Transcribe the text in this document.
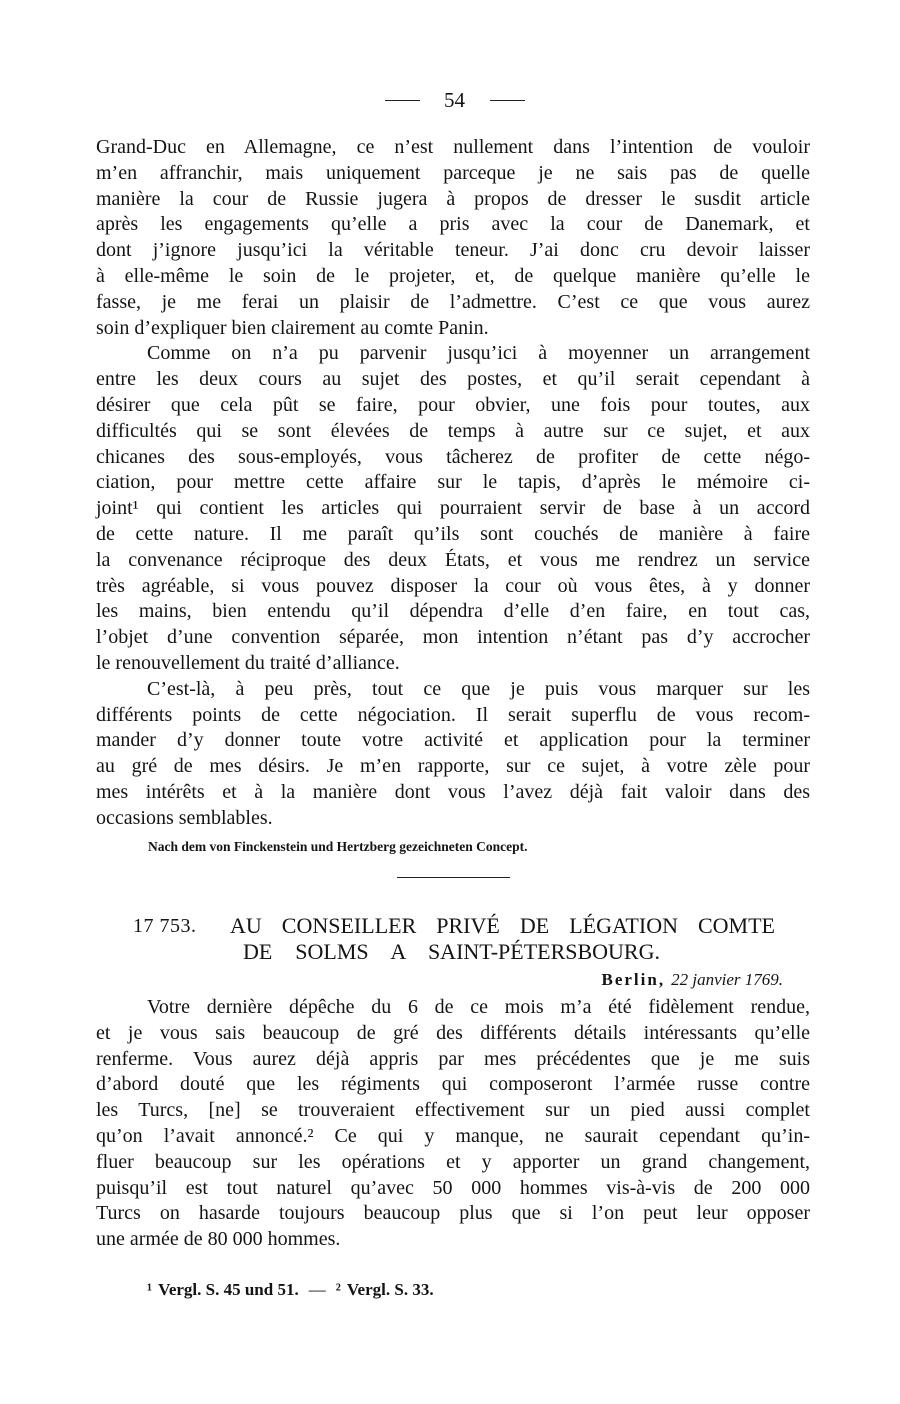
54
Grand-Duc en Allemagne, ce n’est nullement dans l’intention de vouloir
m’en affranchir, mais uniquement parceque je ne sais pas de quelle
manière la cour de Russie jugera à propos de dresser le susdit article
après les engagements qu’elle a pris avec la cour de Danemark, et
dont j’ignore jusqu’ici la véritable teneur. J’ai donc cru devoir laisser
à elle-même le soin de le projeter, et, de quelque manière qu’elle le
fasse, je me ferai un plaisir de l’admettre. C’est ce que vous aurez
soin d’expliquer bien clairement au comte Panin.
Comme on n’a pu parvenir jusqu’ici à moyenner un arrangement
entre les deux cours au sujet des postes, et qu’il serait cependant à
désirer que cela pût se faire, pour obvier, une fois pour toutes, aux
difficultés qui se sont élevées de temps à autre sur ce sujet, et aux
chicanes des sous-employés, vous tâcherez de profiter de cette négo-
ciation, pour mettre cette affaire sur le tapis, d’après le mémoire ci-
joint¹ qui contient les articles qui pourraient servir de base à un accord
de cette nature. Il me paraît qu’ils sont couchés de manière à faire
la convenance réciproque des deux États, et vous me rendrez un service
très agréable, si vous pouvez disposer la cour où vous êtes, à y donner
les mains, bien entendu qu’il dépendra d’elle d’en faire, en tout cas,
l’objet d’une convention séparée, mon intention n’étant pas d’y accrocher
le renouvellement du traité d’alliance.
C’est-là, à peu près, tout ce que je puis vous marquer sur les
différents points de cette négociation. Il serait superflu de vous recom-
mander d’y donner toute votre activité et application pour la terminer
au gré de mes désirs. Je m’en rapporte, sur ce sujet, à votre zèle pour
mes intérêts et à la manière dont vous l’avez déjà fait valoir dans des
occasions semblables.
Nach dem von Finckenstein und Hertzberg gezeichneten Concept.
17 753. AU CONSEILLER PRIVÉ DE LÉGATION COMTE
DE SOLMS A SAINT-PÉTERSBOURG.
Berlin, 22 janvier 1769.
Votre dernière dépêche du 6 de ce mois m’a été fidèlement rendue,
et je vous sais beaucoup de gré des différents détails intéressants qu’elle
renferme. Vous aurez déjà appris par mes précédentes que je me suis
d’abord douté que les régiments qui composeront l’armée russe contre
les Turcs, [ne] se trouveraient effectivement sur un pied aussi complet
qu’on l’avait annoncé.² Ce qui y manque, ne saurait cependant qu’in-
fluer beaucoup sur les opérations et y apporter un grand changement,
puisqu’il est tout naturel qu’avec 50 000 hommes vis-à-vis de 200 000
Turcs on hasarde toujours beaucoup plus que si l’on peut leur opposer
une armée de 80 000 hommes.
¹ Vergl. S. 45 und 51. — ² Vergl. S. 33.
